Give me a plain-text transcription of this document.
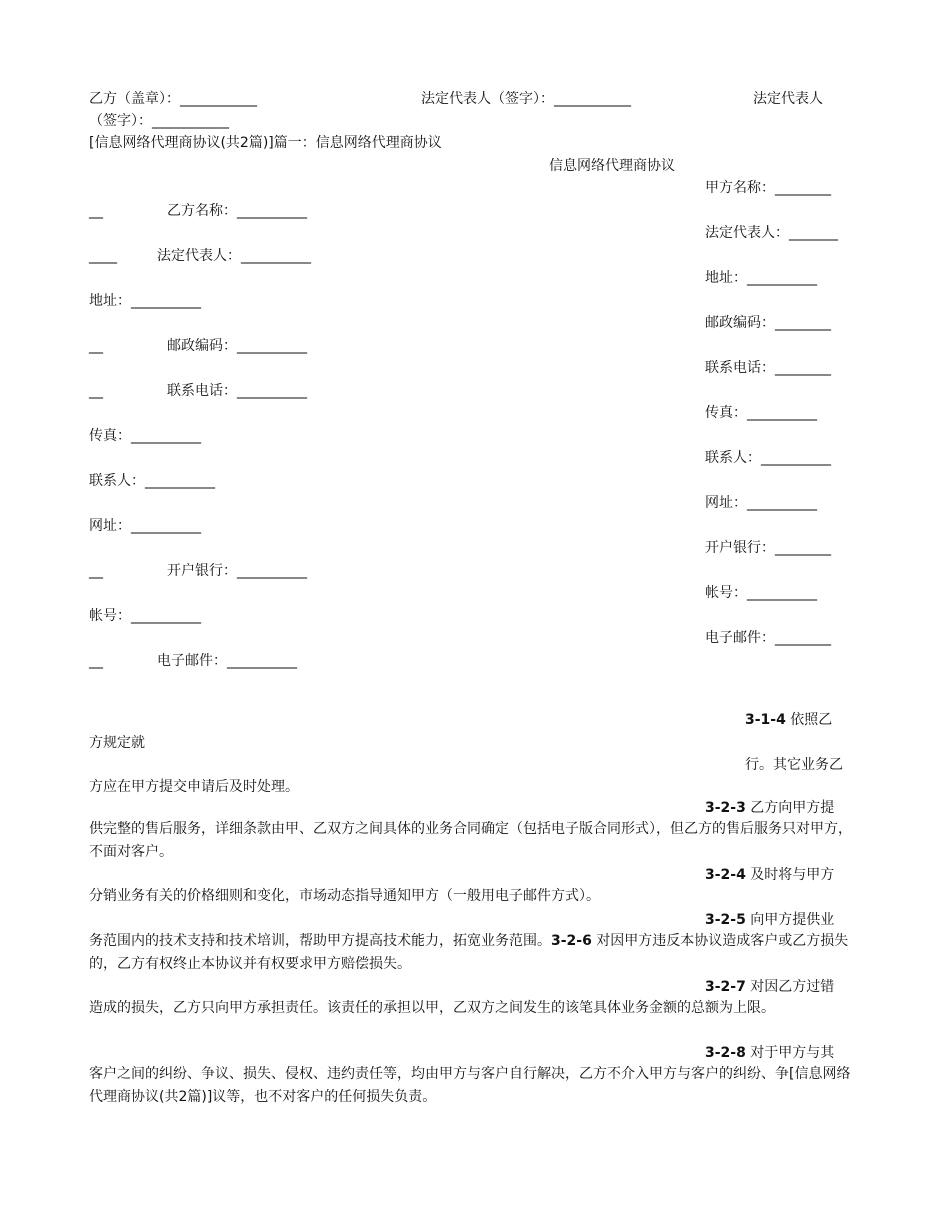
乙方（盖章）：___________	法定代表人（签字）：___________	法定代表人
（签字）：___________
[信息网络代理商协议(共2篇)]篇一：信息网络代理商协议
信息网络代理商协议
甲方名称：________
__	乙方名称：__________
法定代表人：_______
____	法定代表人：__________
地址：__________
地址：__________
邮政编码：________
__	邮政编码：__________
联系电话：________
__	联系电话：__________
传真：__________
传真：__________
联系人：__________
联系人：__________
网址：__________
网址：__________
开户银行：________
__	开户银行：__________
帐号：__________
帐号：__________
电子邮件：________
__	电子邮件：__________
3-1-4 依照乙
方规定就
行。其它业务乙
方应在甲方提交申请后及时处理。
3-2-3 乙方向甲方提
供完整的售后服务，详细条款由甲、乙双方之间具体的业务合同确定（包括电子版合同形式），但乙方的售后服务只对甲方，不面对客户。
3-2-4 及时将与甲方
分销业务有关的价格细则和变化，市场动态指导通知甲方（一般用电子邮件方式）。
3-2-5 向甲方提供业
务范围内的技术支持和技术培训，帮助甲方提高技术能力，拓宽业务范围。3-2-6 对因甲方违反本协议造成客户或乙方损失的，乙方有权终止本协议并有权要求甲方赔偿损失。
3-2-7 对因乙方过错
造成的损失，乙方只向甲方承担责任。该责任的承担以甲，乙双方之间发生的该笔具体业务金额的总额为上限。
3-2-8 对于甲方与其
客户之间的纠纷、争议、损失、侵权、违约责任等，均由甲方与客户自行解决，乙方不介入甲方与客户的纠纷、争[信息网络代理商协议(共2篇)]议等，也不对客户的任何损失负责。
